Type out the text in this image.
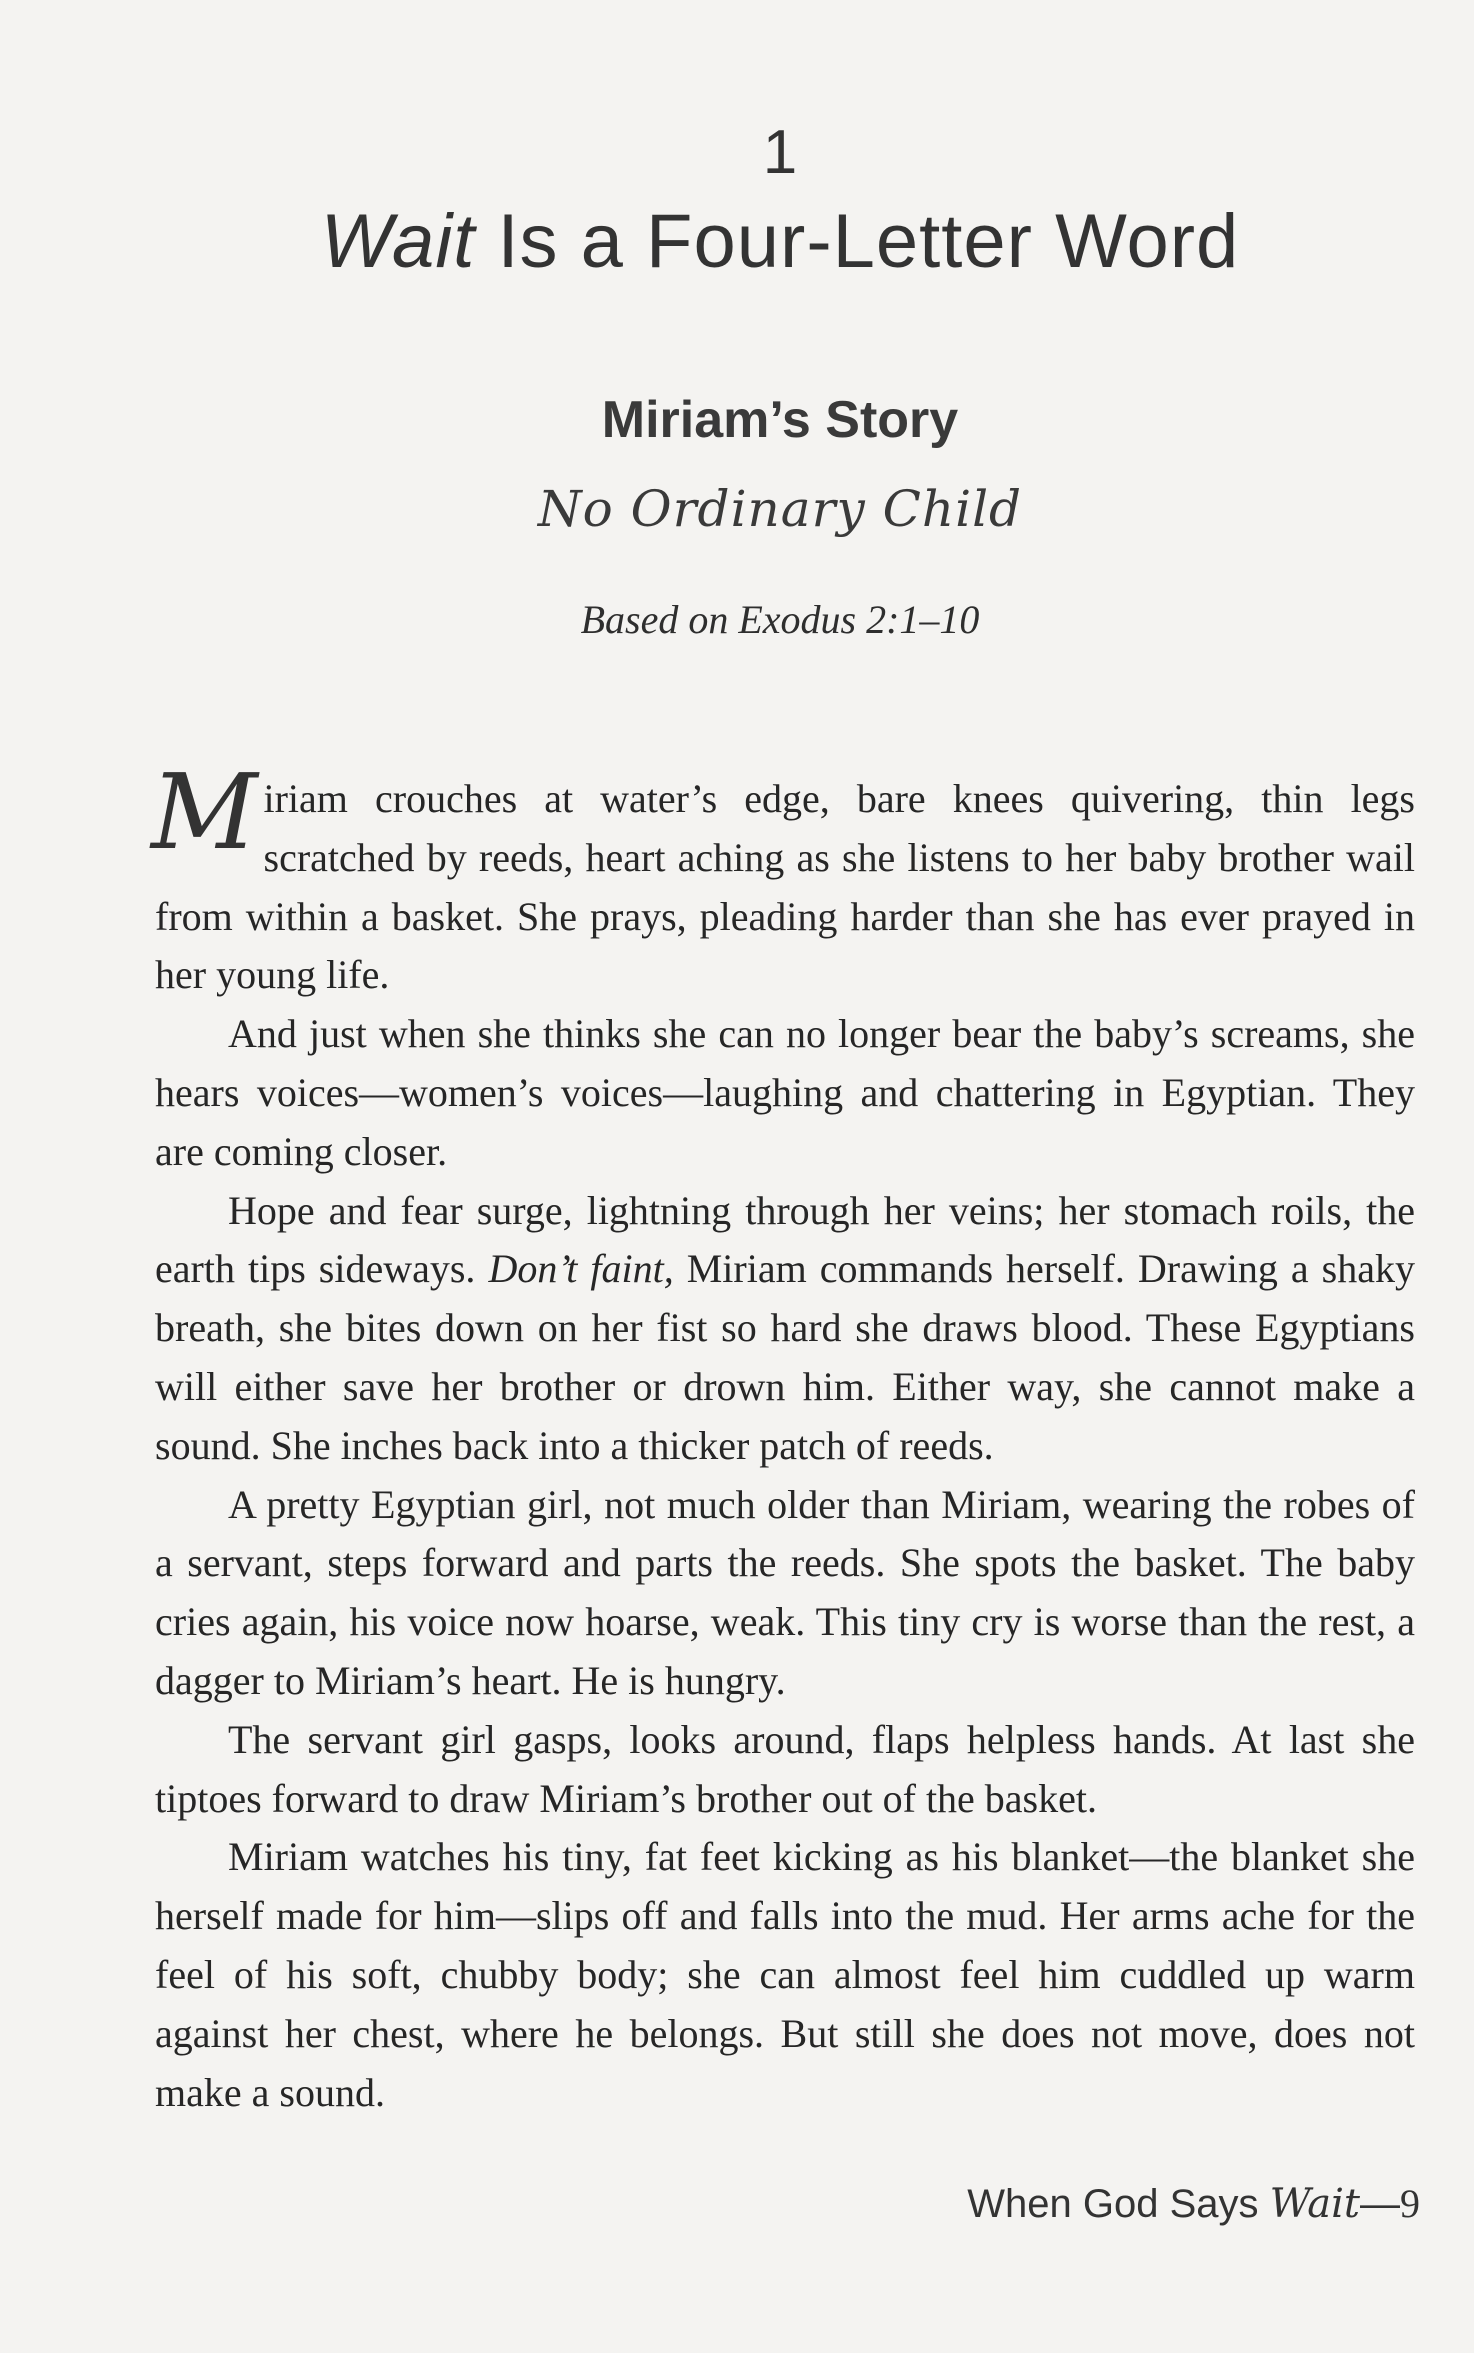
1
Wait Is a Four-Letter Word
Miriam’s Story
No Ordinary Child
Based on Exodus 2:1–10

Miriam crouches at water’s edge, bare knees quivering, thin legs scratched by reeds, heart aching as she listens to her baby brother wail from within a basket. She prays, pleading harder than she has ever prayed in her young life.

And just when she thinks she can no longer bear the baby’s screams, she hears voices—women’s voices—laughing and chattering in Egyptian. They are coming closer.

Hope and fear surge, lightning through her veins; her stomach roils, the earth tips sideways. Don’t faint, Miriam commands herself. Drawing a shaky breath, she bites down on her fist so hard she draws blood. These Egyptians will either save her brother or drown him. Either way, she cannot make a sound. She inches back into a thicker patch of reeds.

A pretty Egyptian girl, not much older than Miriam, wearing the robes of a servant, steps forward and parts the reeds. She spots the basket. The baby cries again, his voice now hoarse, weak. This tiny cry is worse than the rest, a dagger to Miriam’s heart. He is hungry.

The servant girl gasps, looks around, flaps helpless hands. At last she tiptoes forward to draw Miriam’s brother out of the basket.

Miriam watches his tiny, fat feet kicking as his blanket—the blanket she herself made for him—slips off and falls into the mud. Her arms ache for the feel of his soft, chubby body; she can almost feel him cuddled up warm against her chest, where he belongs. But still she does not move, does not make a sound.

When God Says Wait—9
